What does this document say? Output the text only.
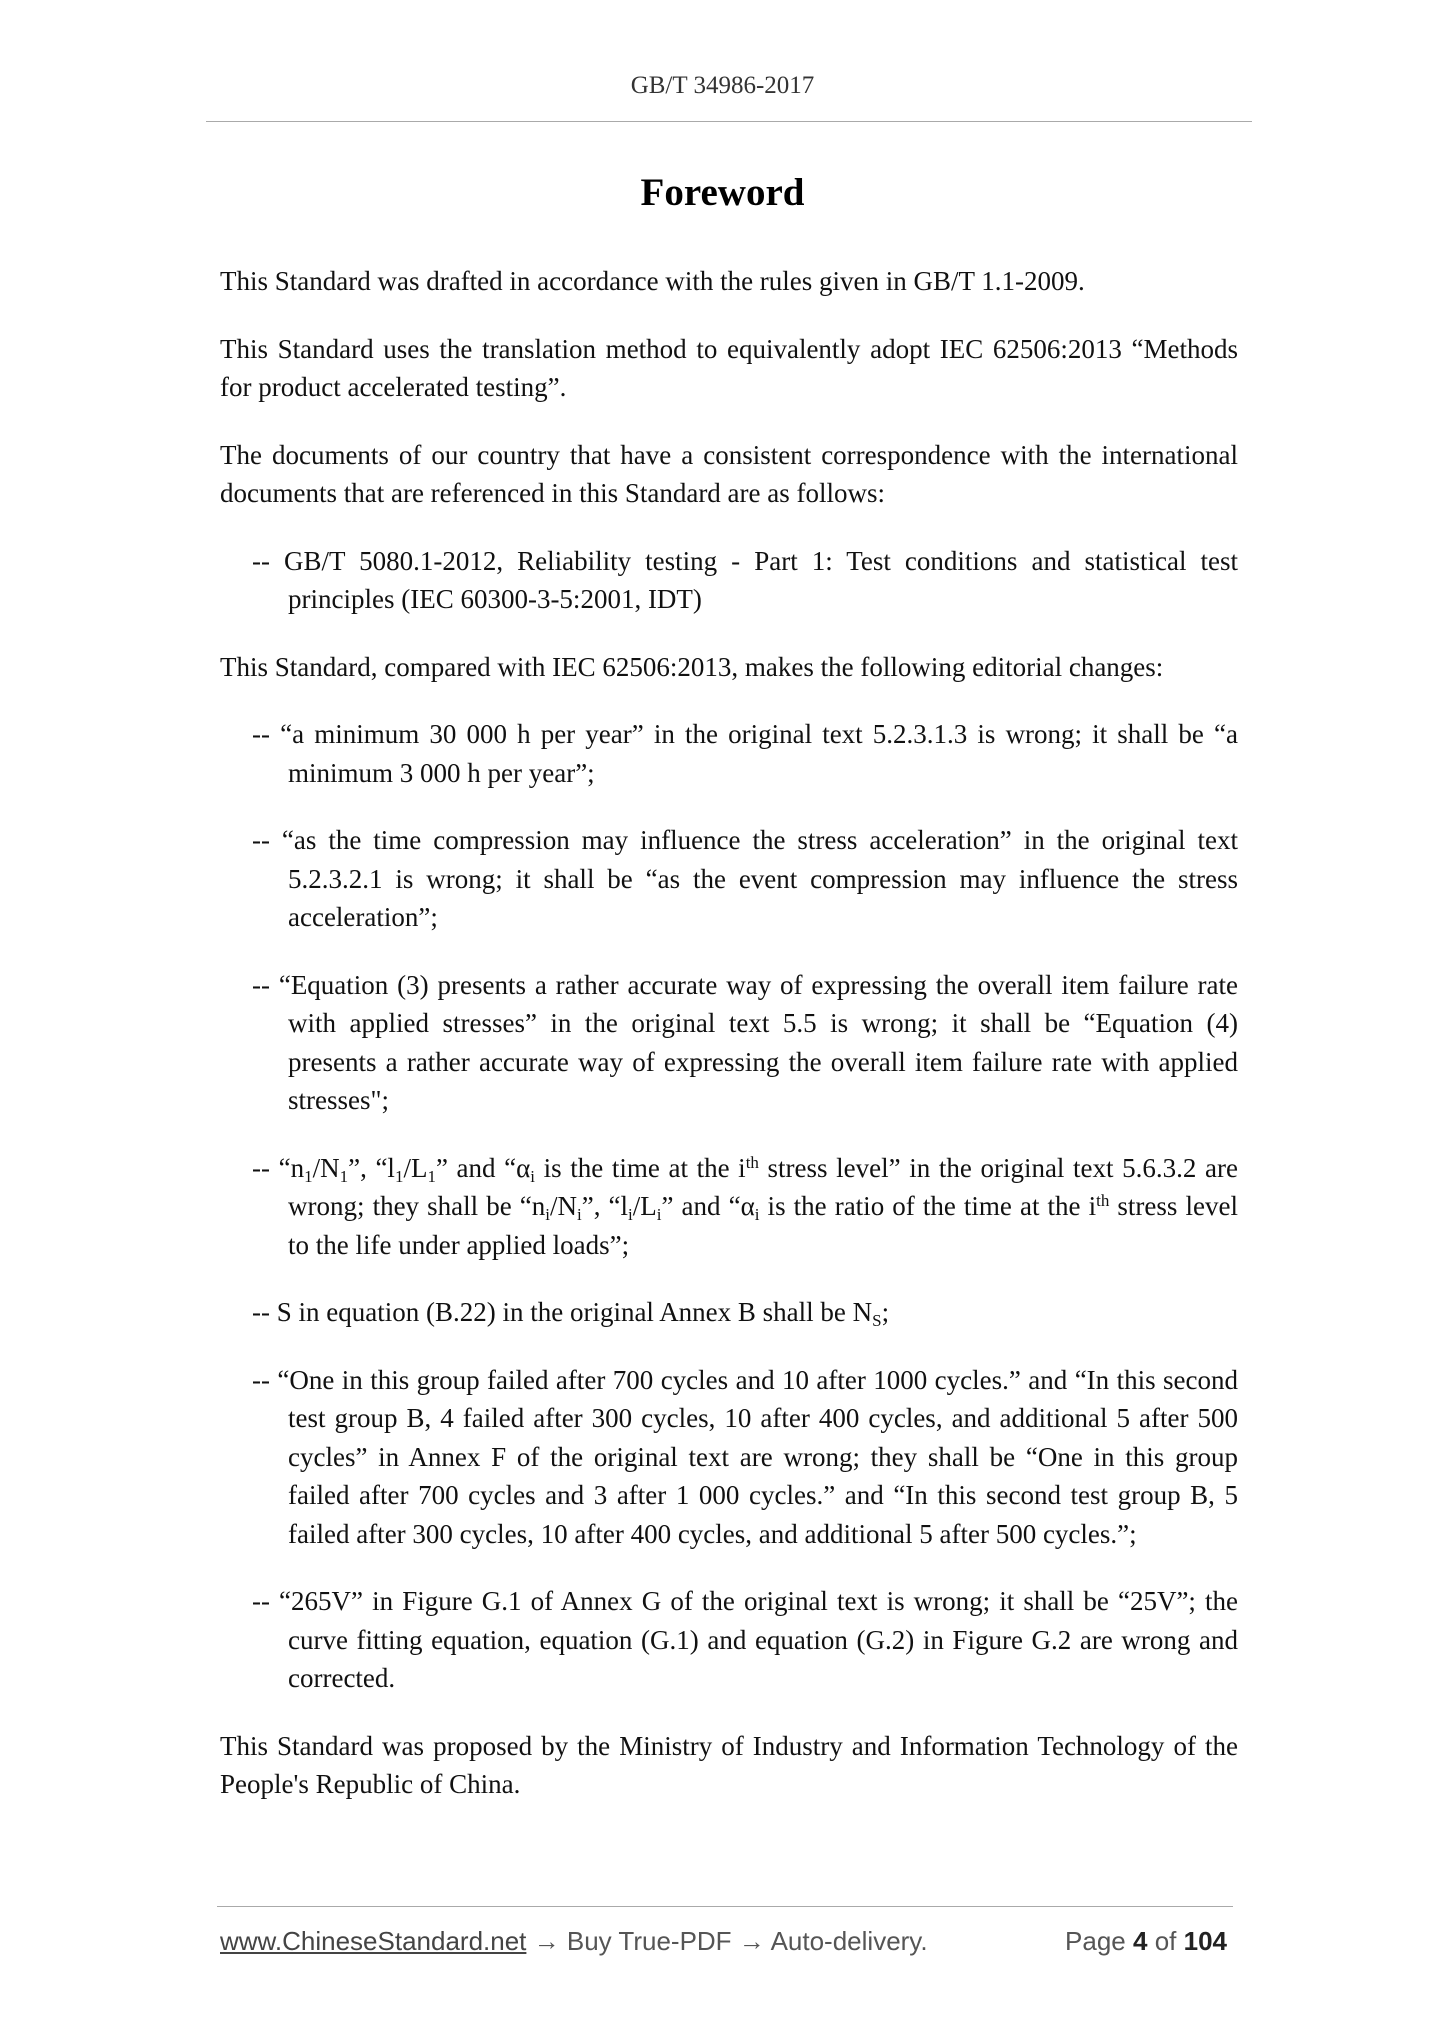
GB/T 34986-2017
Foreword

This Standard was drafted in accordance with the rules given in GB/T 1.1-2009.

This Standard uses the translation method to equivalently adopt IEC 62506:2013 “Methods for product accelerated testing”.

The documents of our country that have a consistent correspondence with the international documents that are referenced in this Standard are as follows:

-- GB/T 5080.1-2012, Reliability testing - Part 1: Test conditions and statistical test principles (IEC 60300-3-5:2001, IDT)

This Standard, compared with IEC 62506:2013, makes the following editorial changes:

-- “a minimum 30 000 h per year” in the original text 5.2.3.1.3 is wrong; it shall be “a minimum 3 000 h per year”;

-- “as the time compression may influence the stress acceleration” in the original text 5.2.3.2.1 is wrong; it shall be “as the event compression may influence the stress acceleration”;

-- “Equation (3) presents a rather accurate way of expressing the overall item failure rate with applied stresses” in the original text 5.5 is wrong; it shall be “Equation (4) presents a rather accurate way of expressing the overall item failure rate with applied stresses";

-- “$n_1/N_1$”, “$l_1/L_1$” and “$\alpha_i$ is the time at the $i^{th}$ stress level” in the original text 5.6.3.2 are wrong; they shall be “$n_i/N_i$”, “$l_i/L_i$” and “$\alpha_i$ is the ratio of the time at the $i^{th}$ stress level to the life under applied loads”;

-- S in equation (B.22) in the original Annex B shall be $N_S$;

-- “One in this group failed after 700 cycles and 10 after 1000 cycles.” and “In this second test group B, 4 failed after 300 cycles, 10 after 400 cycles, and additional 5 after 500 cycles” in Annex F of the original text are wrong; they shall be “One in this group failed after 700 cycles and 3 after 1 000 cycles.” and “In this second test group B, 5 failed after 300 cycles, 10 after 400 cycles, and additional 5 after 500 cycles.”;

-- “265V” in Figure G.1 of Annex G of the original text is wrong; it shall be “25V”; the curve fitting equation, equation (G.1) and equation (G.2) in Figure G.2 are wrong and corrected.

This Standard was proposed by the Ministry of Industry and Information Technology of the People's Republic of China.

www.ChineseStandard.net → Buy True-PDF → Auto-delivery.	Page 4 of 104
